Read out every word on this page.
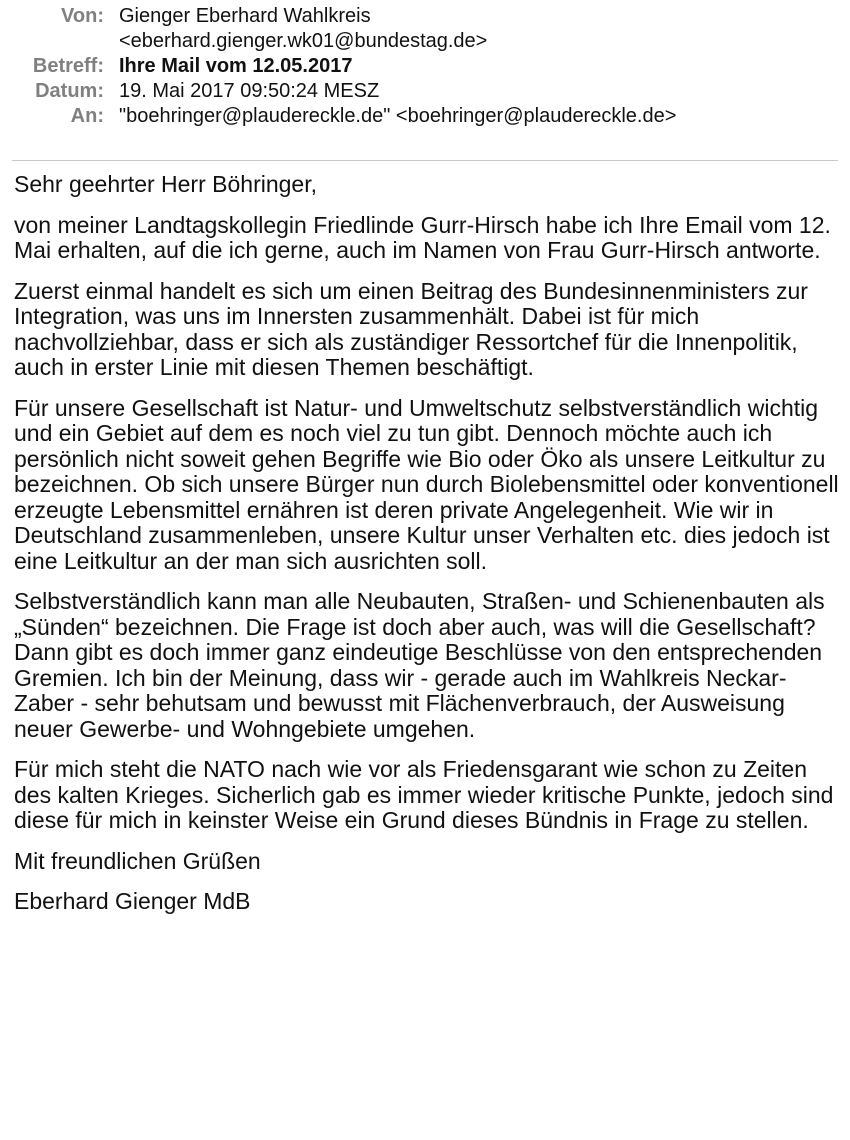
Von: Gienger Eberhard Wahlkreis
<eberhard.gienger.wk01@bundestag.de>
Betreff: Ihre Mail vom 12.05.2017
Datum: 19. Mai 2017 09:50:24 MESZ
An: "boehringer@plaudereckle.de" <boehringer@plaudereckle.de>

Sehr geehrter Herr Böhringer,

von meiner Landtagskollegin Friedlinde Gurr-Hirsch habe ich Ihre Email vom 12. Mai erhalten, auf die ich gerne, auch im Namen von Frau Gurr-Hirsch antworte.

Zuerst einmal handelt es sich um einen Beitrag des Bundesinnenministers zur Integration, was uns im Innersten zusammenhält. Dabei ist für mich nachvollziehbar, dass er sich als zuständiger Ressortchef für die Innenpolitik, auch in erster Linie mit diesen Themen beschäftigt.

Für unsere Gesellschaft ist Natur- und Umweltschutz selbstverständlich wichtig und ein Gebiet auf dem es noch viel zu tun gibt. Dennoch möchte auch ich persönlich nicht soweit gehen Begriffe wie Bio oder Öko als unsere Leitkultur zu bezeichnen. Ob sich unsere Bürger nun durch Biolebensmittel oder konventionell erzeugte Lebensmittel ernähren ist deren private Angelegenheit. Wie wir in Deutschland zusammenleben, unsere Kultur unser Verhalten etc. dies jedoch ist eine Leitkultur an der man sich ausrichten soll.

Selbstverständlich kann man alle Neubauten, Straßen- und Schienenbauten als „Sünden“ bezeichnen. Die Frage ist doch aber auch, was will die Gesellschaft? Dann gibt es doch immer ganz eindeutige Beschlüsse von den entsprechenden Gremien. Ich bin der Meinung, dass wir - gerade auch im Wahlkreis Neckar-Zaber - sehr behutsam und bewusst mit Flächenverbrauch, der Ausweisung neuer Gewerbe- und Wohngebiete umgehen.

Für mich steht die NATO nach wie vor als Friedensgarant wie schon zu Zeiten des kalten Krieges. Sicherlich gab es immer wieder kritische Punkte, jedoch sind diese für mich in keinster Weise ein Grund dieses Bündnis in Frage zu stellen.

Mit freundlichen Grüßen

Eberhard Gienger MdB
